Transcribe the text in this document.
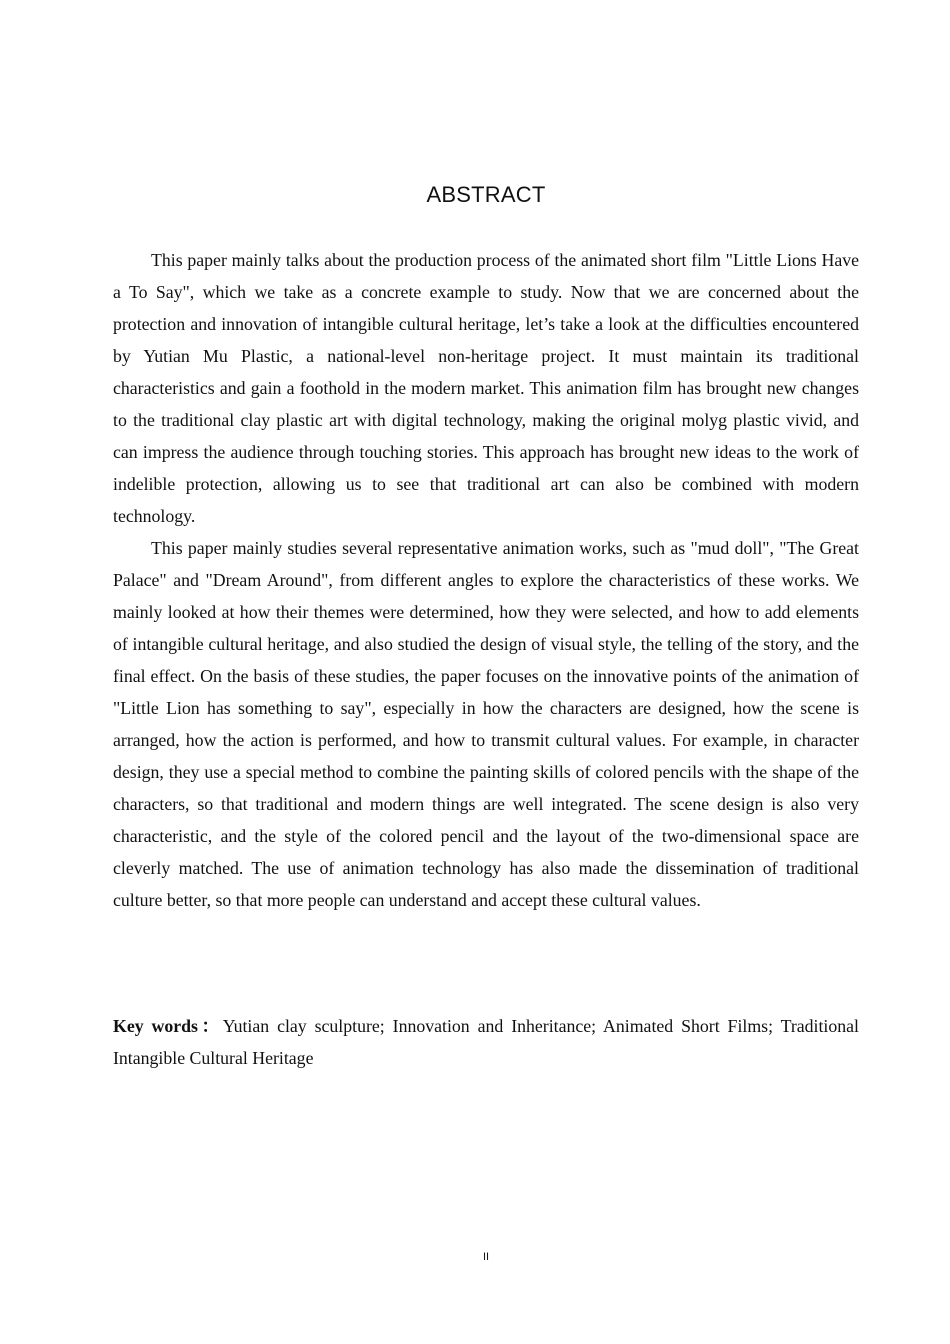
ABSTRACT

This paper mainly talks about the production process of the animated short film "Little Lions Have a To Say", which we take as a concrete example to study. Now that we are concerned about the protection and innovation of intangible cultural heritage, let’s take a look at the difficulties encountered by Yutian Mu Plastic, a national-level non-heritage project. It must maintain its traditional characteristics and gain a foothold in the modern market. This animation film has brought new changes to the traditional clay plastic art with digital technology, making the original molyg plastic vivid, and can impress the audience through touching stories. This approach has brought new ideas to the work of indelible protection, allowing us to see that traditional art can also be combined with modern technology.

This paper mainly studies several representative animation works, such as "mud doll", "The Great Palace" and "Dream Around", from different angles to explore the characteristics of these works. We mainly looked at how their themes were determined, how they were selected, and how to add elements of intangible cultural heritage, and also studied the design of visual style, the telling of the story, and the final effect. On the basis of these studies, the paper focuses on the innovative points of the animation of "Little Lion has something to say", especially in how the characters are designed, how the scene is arranged, how the action is performed, and how to transmit cultural values. For example, in character design, they use a special method to combine the painting skills of colored pencils with the shape of the characters, so that traditional and modern things are well integrated. The scene design is also very characteristic, and the style of the colored pencil and the layout of the two-dimensional space are cleverly matched. The use of animation technology has also made the dissemination of traditional culture better, so that more people can understand and accept these cultural values.

Key words：Yutian clay sculpture; Innovation and Inheritance; Animated Short Films; Traditional Intangible Cultural Heritage

II
